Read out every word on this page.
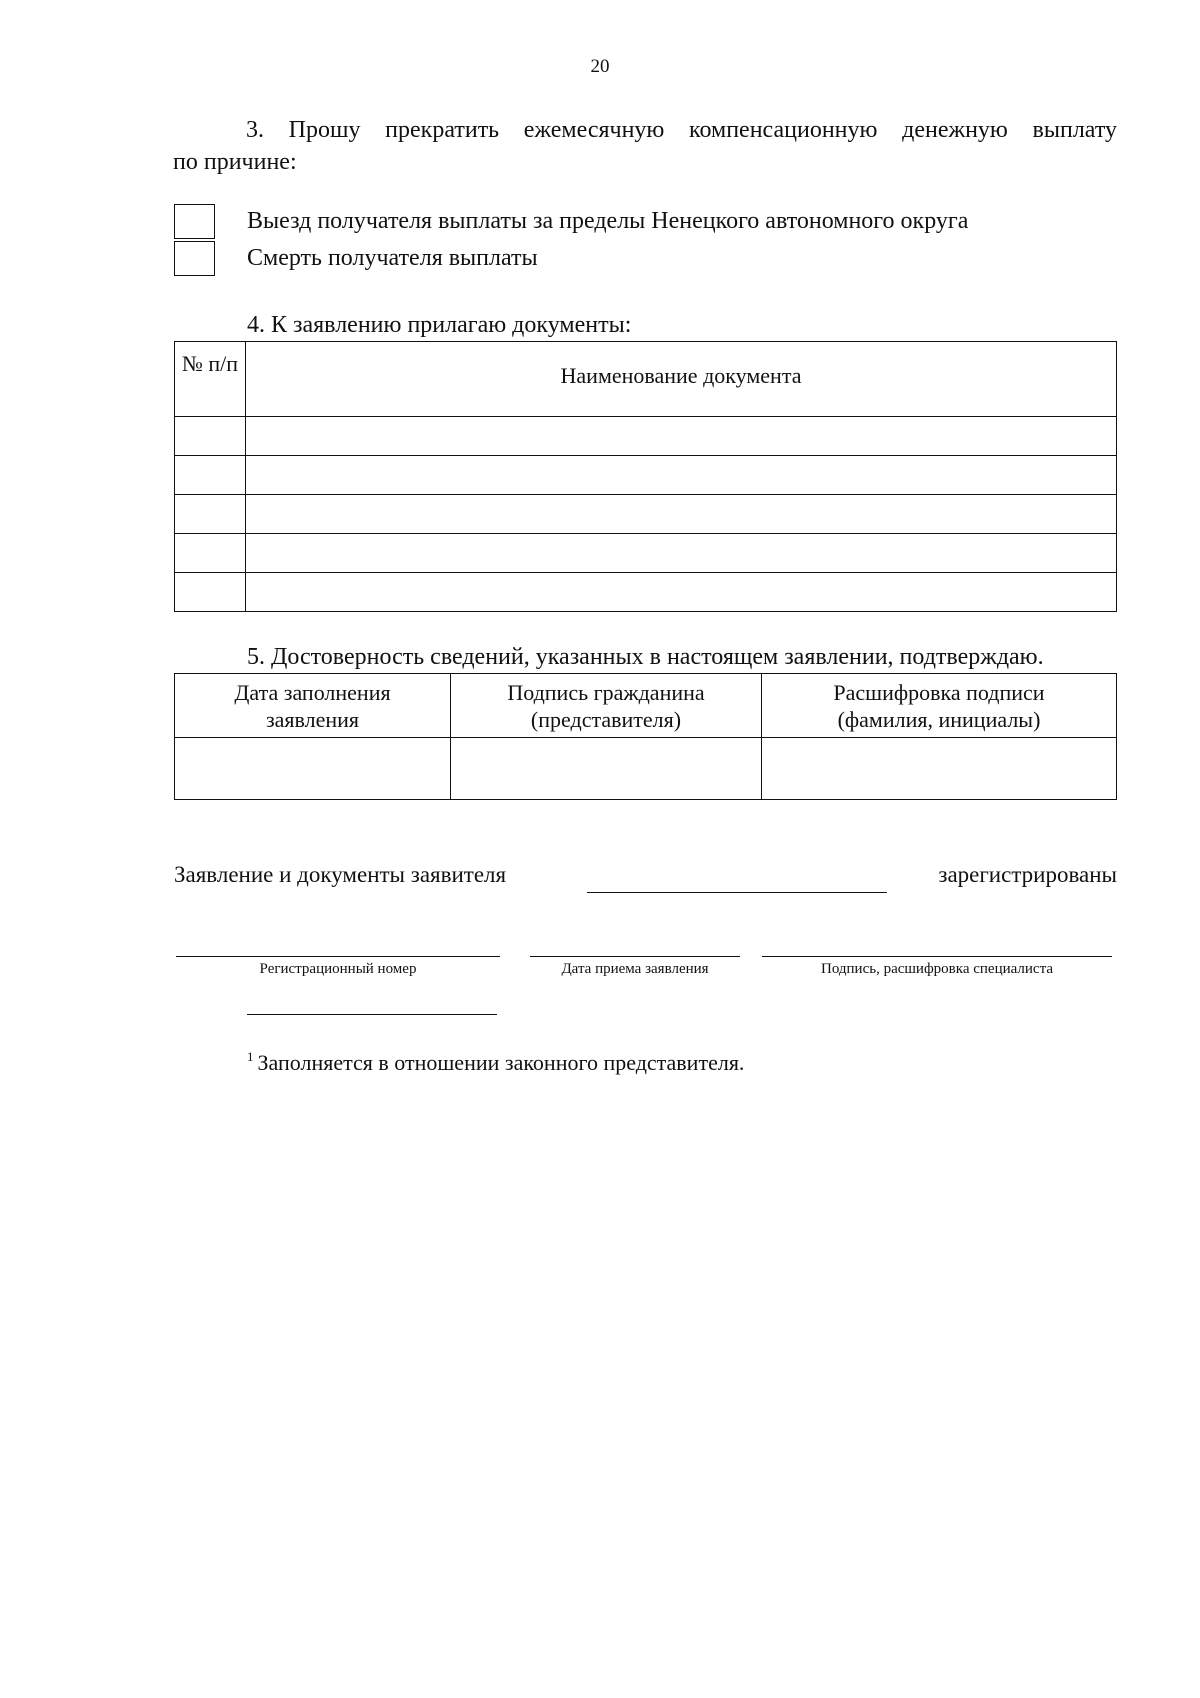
20
3. Прошу прекратить ежемесячную компенсационную денежную выплату
по причине:
Выезд получателя выплаты за пределы Ненецкого автономного округа
Смерть получателя выплаты
4. К заявлению прилагаю документы:
№ п/п	Наименование документа

5. Достоверность сведений, указанных в настоящем заявлении, подтверждаю.
Дата заполнения заявления	Подпись гражданина (представителя)	Расшифровка подписи (фамилия, инициалы)

Заявление и документы заявителя	зарегистрированы
Регистрационный номер	Дата приема заявления	Подпись, расшифровка специалиста
$^1$ Заполняется в отношении законного представителя.
